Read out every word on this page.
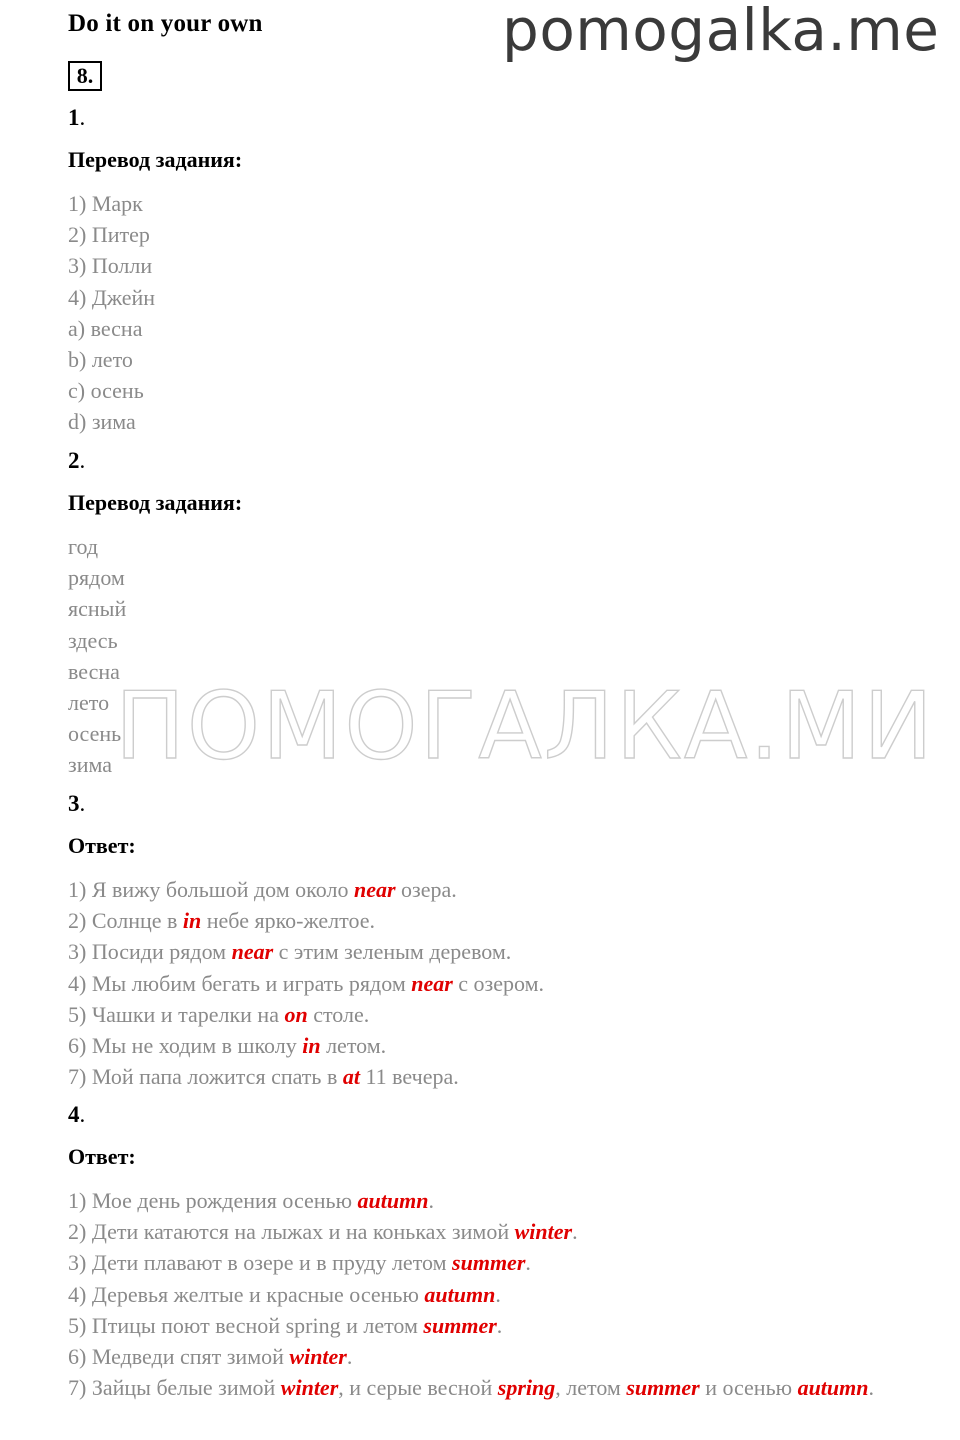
Do it on your own	pomogalka.me
8.
1.
Перевод задания:
1) Марк
2) Питер
3) Полли
4) Джейн
a) весна
b) лето
c) осень
d) зима
2.
Перевод задания:
год
рядом
ясный
здесь
весна
лето
осень
зима
3.
Ответ:
1) Я вижу большой дом около near озера.
2) Солнце в in небе ярко-желтое.
3) Посиди рядом near с этим зеленым деревом.
4) Мы любим бегать и играть рядом near с озером.
5) Чашки и тарелки на on столе.
6) Мы не ходим в школу in летом.
7) Мой папа ложится спать в at 11 вечера.
4.
Ответ:
1) Мое день рождения осенью autumn.
2) Дети катаются на лыжах и на коньках зимой winter.
3) Дети плавают в озере и в пруду летом summer.
4) Деревья желтые и красные осенью autumn.
5) Птицы поют весной spring и летом summer.
6) Медведи спят зимой winter.
7) Зайцы белые зимой winter, и серые весной spring, летом summer и осенью autumn.
ПОМОГАЛКА.МИ
